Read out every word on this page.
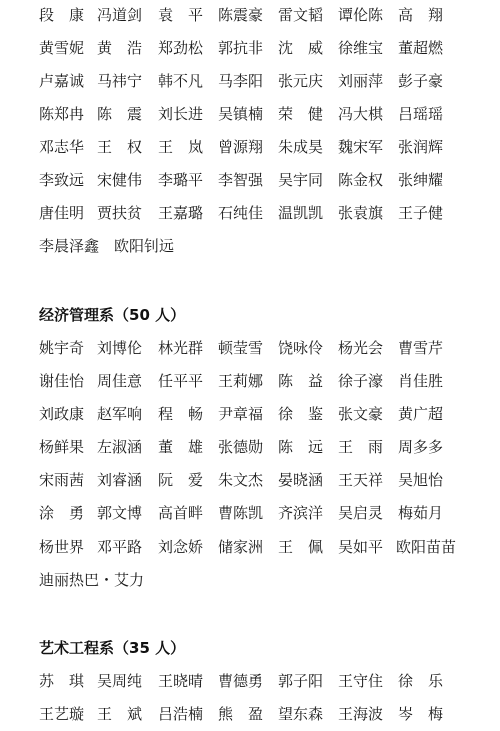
段　康 冯道剑 袁　平 陈震豪 雷文韬 谭伦陈 高　翔
黄雪妮 黄　浩 郑劲松 郭抗非 沈　威 徐维宝 董超燃
卢嘉诚 马祎宁 韩不凡 马李阳 张元庆 刘丽萍 彭子豪
陈郑冉 陈　震 刘长进 吴镇楠 荣　健 冯大棋 吕瑶瑶
邓志华 王　权 王　岚 曾源翔 朱成昊 魏宋军 张润辉
李致远 宋健伟 李璐平 李智强 吴宇同 陈金权 张绅耀
唐佳明 贾扶贫 王嘉璐 石纯佳 温凯凯 张袁旗 王子健
李晨泽鑫 欧阳钊远
经济管理系（50 人）
姚宇奇 刘博伦 林光群 顿莹雪 饶咏伶 杨光会 曹雪芹
谢佳怡 周佳意 任平平 王莉娜 陈　益 徐子濠 肖佳胜
刘政康 赵军响 程　畅 尹章福 徐　鉴 张文豪 黄广超
杨鲜果 左淑涵 董　雄 张德勋 陈　远 王　雨 周多多
宋雨茜 刘睿涵 阮　爱 朱文杰 晏晓涵 王天祥 吴旭怡
涂　勇 郭文博 高首畔 曹陈凯 齐滨洋 吴启灵 梅茹月
杨世界 邓平路 刘念娇 储家洲 王　佩 吴如平 欧阳苗苗
迪丽热巴・艾力
艺术工程系（35 人）
苏　琪 吴周纯 王晓晴 曹德勇 郭子阳 王守住 徐　乐
王艺璇 王　斌 吕浩楠 熊　盈 望东森 王海波 岑　梅
